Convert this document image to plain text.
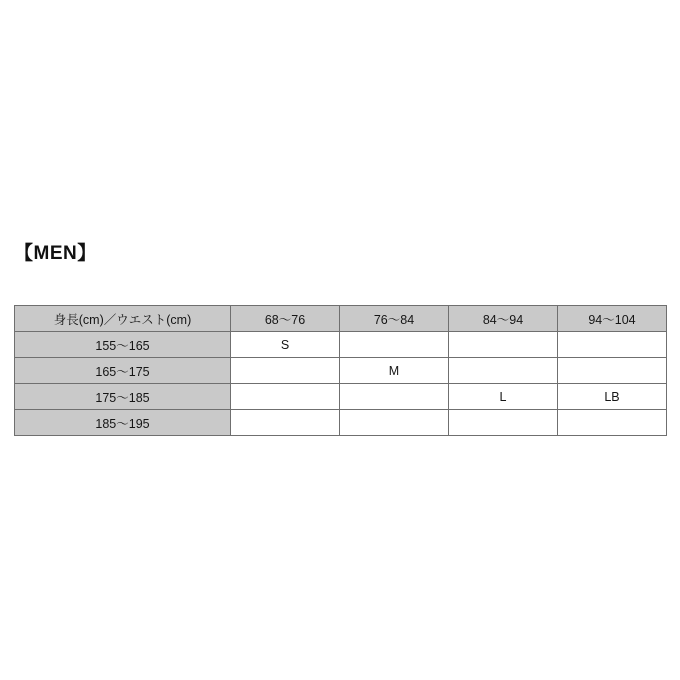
【MEN】
身長(cm)／ウエスト(cm)	68〜76	76〜84	84〜94	94〜104
155〜165	S			
165〜175		M		
175〜185			L	LB
185〜195				
